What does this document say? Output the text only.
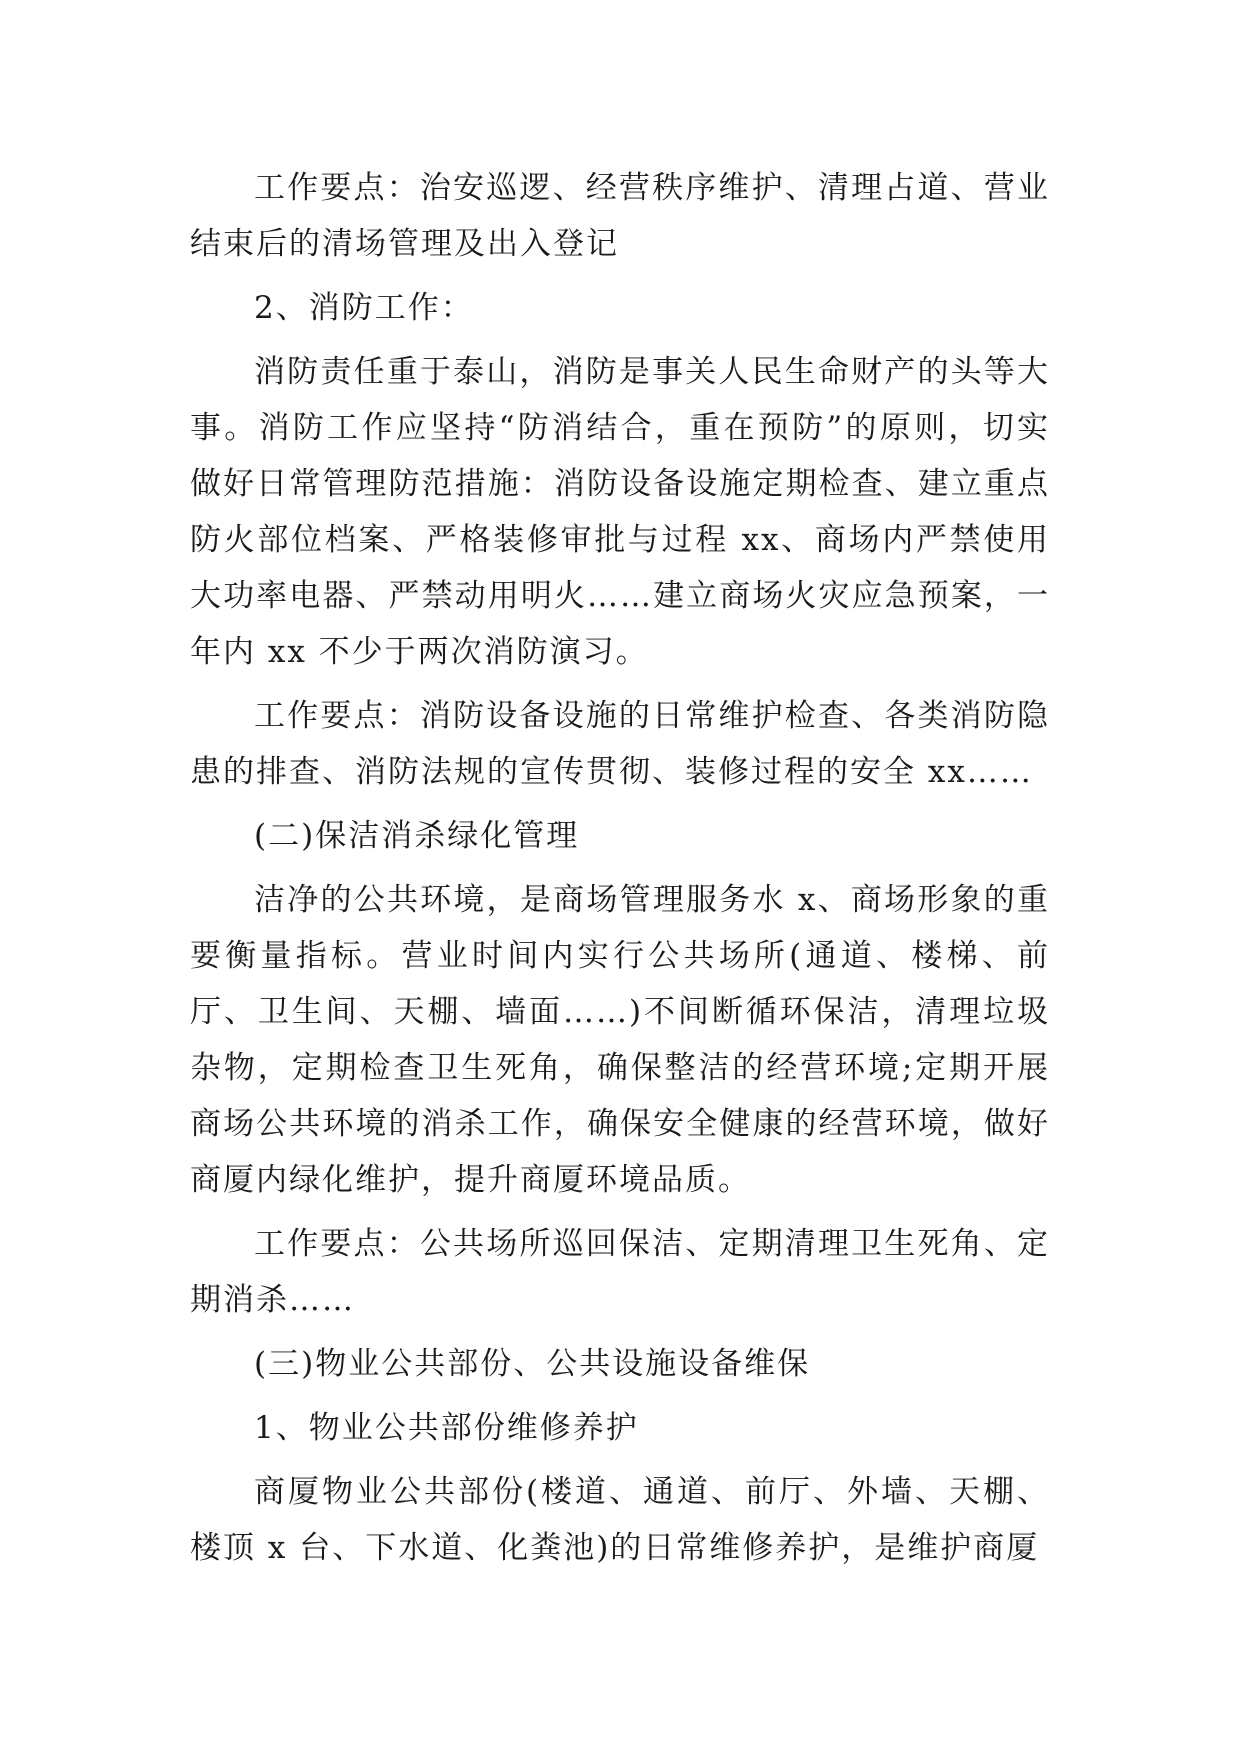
工作要点：治安巡逻、经营秩序维护、清理占道、营业结束后的清场管理及出入登记

2、消防工作：

消防责任重于泰山，消防是事关人民生命财产的头等大事。消防工作应坚持“防消结合，重在预防”的原则，切实做好日常管理防范措施：消防设备设施定期检查、建立重点防火部位档案、严格装修审批与过程 xx、商场内严禁使用大功率电器、严禁动用明火……建立商场火灾应急预案，一年内 xx 不少于两次消防演习。

工作要点：消防设备设施的日常维护检查、各类消防隐患的排查、消防法规的宣传贯彻、装修过程的安全 xx……

(二)保洁消杀绿化管理

洁净的公共环境，是商场管理服务水 x、商场形象的重要衡量指标。营业时间内实行公共场所(通道、楼梯、前厅、卫生间、天棚、墙面……)不间断循环保洁，清理垃圾杂物，定期检查卫生死角，确保整洁的经营环境;定期开展商场公共环境的消杀工作，确保安全健康的经营环境，做好商厦内绿化维护，提升商厦环境品质。

工作要点：公共场所巡回保洁、定期清理卫生死角、定期消杀……

(三)物业公共部份、公共设施设备维保

1、物业公共部份维修养护

商厦物业公共部份(楼道、通道、前厅、外墙、天棚、楼顶 x 台、下水道、化粪池)的日常维修养护，是维护商厦
